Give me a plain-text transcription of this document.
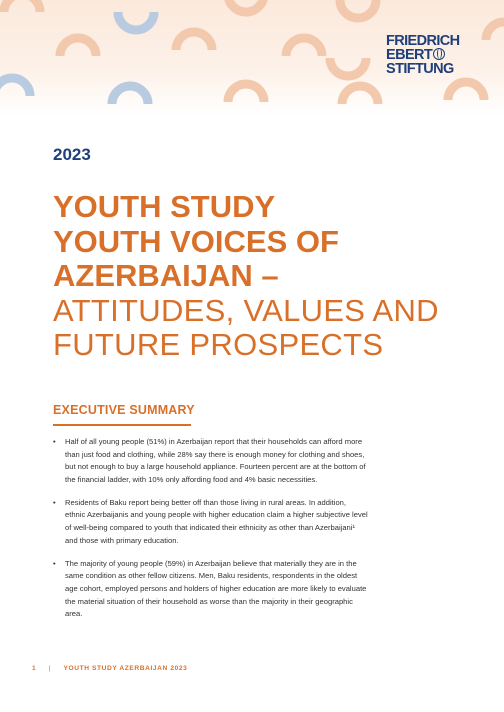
FRIEDRICH
EBERT
STIFTUNG
2023
YOUTH STUDY
YOUTH VOICES OF
AZERBAIJAN –
ATTITUDES, VALUES AND
FUTURE PROSPECTS
EXECUTIVE SUMMARY
• Half of all young people (51%) in Azerbaijan report that their households can afford more than just food and clothing, while 28% say there is enough money for clothing and shoes, but not enough to buy a large household appliance. Fourteen percent are at the bottom of the financial ladder, with 10% only affording food and 4% basic necessities.
• Residents of Baku report being better off than those living in rural areas. In addition, ethnic Azerbaijanis and young people with higher education claim a higher subjective level of well-being compared to youth that indicated their ethnicity as other than Azerbaijani¹ and those with primary education.
• The majority of young people (59%) in Azerbaijan believe that materially they are in the same condition as other fellow citizens. Men, Baku residents, respondents in the oldest age cohort, employed persons and holders of higher education are more likely to evaluate the material situation of their household as worse than the majority in their geographic area.
1 | YOUTH STUDY AZERBAIJAN 2023
